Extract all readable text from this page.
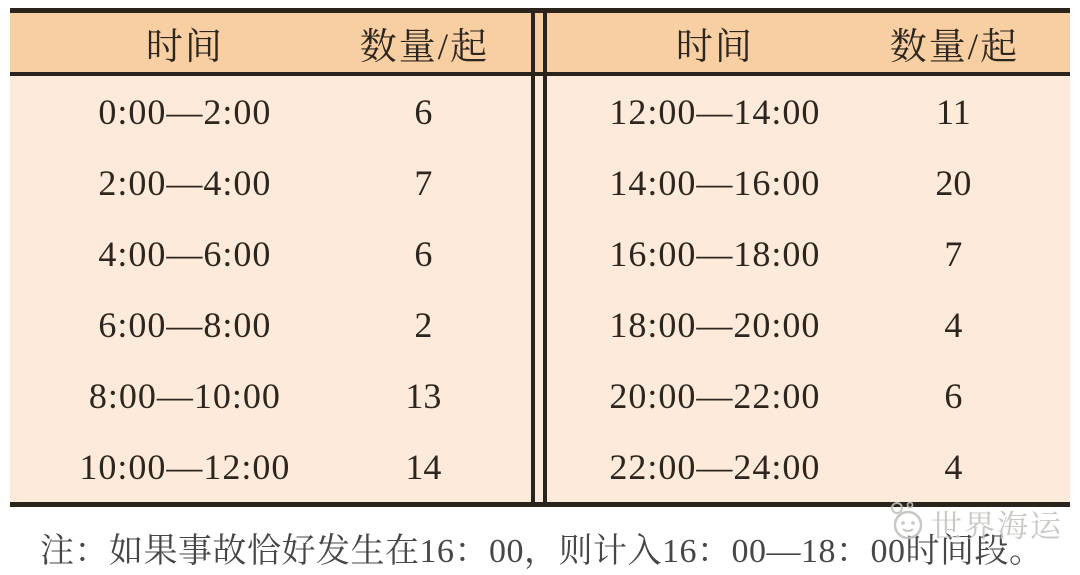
时间	数量/起
0:00—2:00	6
2:00—4:00	7
4:00—6:00	6
6:00—8:00	2
8:00—10:00	13
10:00—12:00	14
时间	数量/起
12:00—14:00	11
14:00—16:00	20
16:00—18:00	7
18:00—20:00	4
20:00—22:00	6
22:00—24:00	4
注：如果事故恰好发生在16：00，则计入16：00—18：00时间段。
世界海运
